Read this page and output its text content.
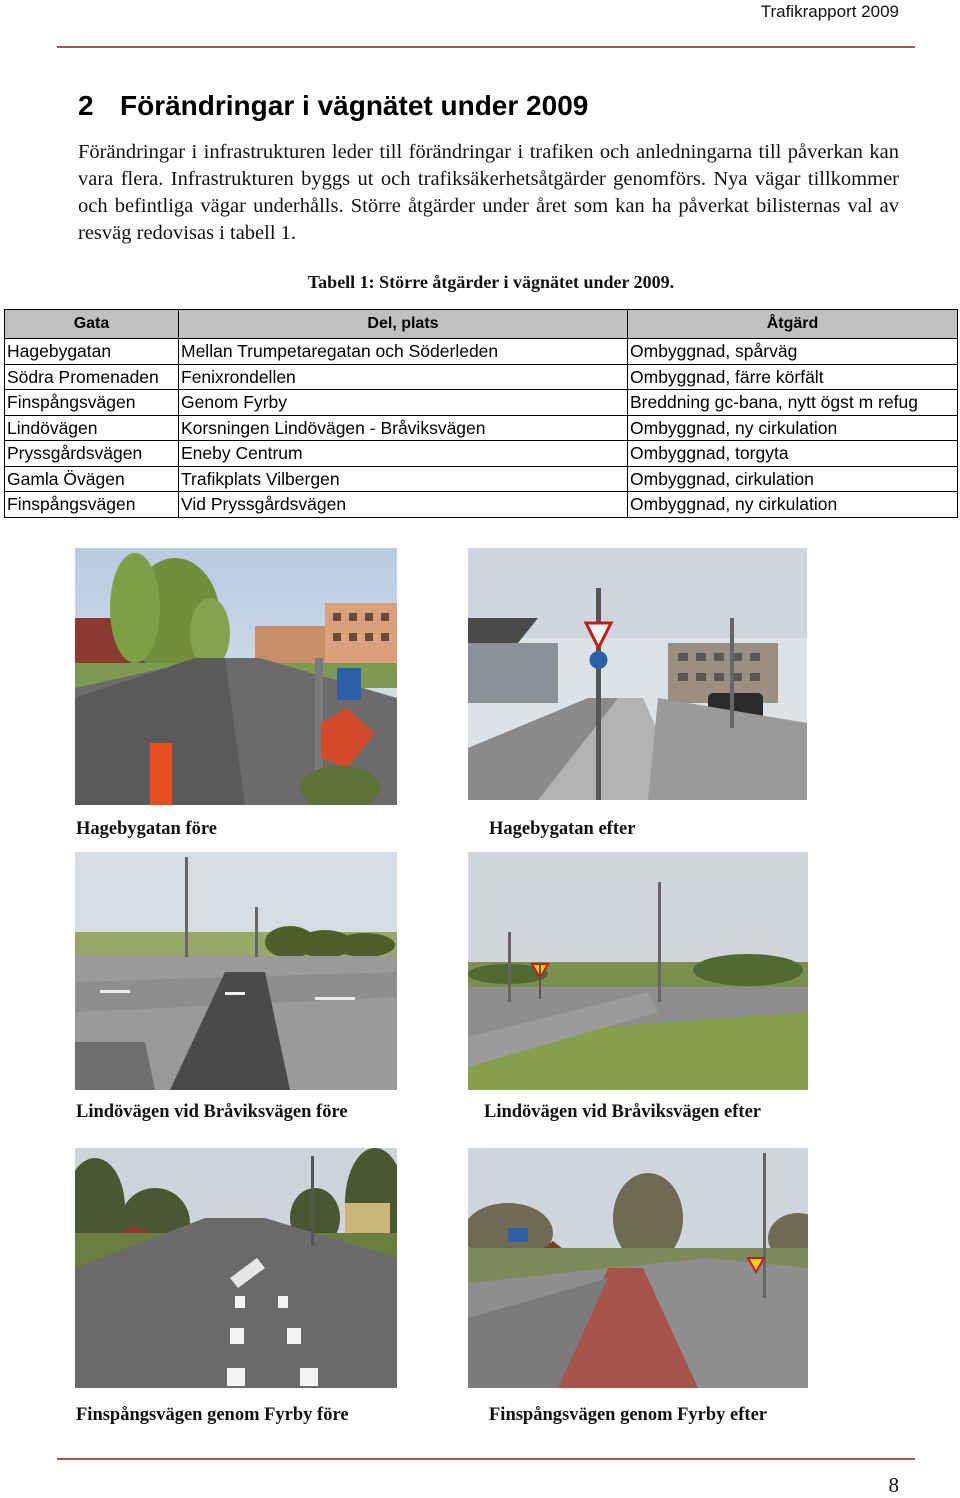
Trafikrapport 2009
2 Förändringar i vägnätet under 2009

Förändringar i infrastrukturen leder till förändringar i trafiken och anledningarna till påverkan kan vara flera. Infrastrukturen byggs ut och trafiksäkerhetsåtgärder genomförs. Nya vägar tillkommer och befintliga vägar underhålls. Större åtgärder under året som kan ha påverkat bilisternas val av resväg redovisas i tabell 1.

Tabell 1: Större åtgärder i vägnätet under 2009.
Gata	Del, plats	Åtgärd
Hagebygatan	Mellan Trumpetaregatan och Söderleden	Ombyggnad, spårväg
Södra Promenaden	Fenixrondellen	Ombyggnad, färre körfält
Finspångsvägen	Genom Fyrby	Breddning gc-bana, nytt ögst m refug
Lindövägen	Korsningen Lindövägen - Bråviksvägen	Ombyggnad, ny cirkulation
Pryssgårdsvägen	Eneby Centrum	Ombyggnad, torgyta
Gamla Övägen	Trafikplats Vilbergen	Ombyggnad, cirkulation
Finspångsvägen	Vid Pryssgårdsvägen	Ombyggnad, ny cirkulation
Hagebygatan före	Hagebygatan efter
Lindövägen vid Bråviksvägen före	Lindövägen vid Bråviksvägen efter
Finspångsvägen genom Fyrby före	Finspångsvägen genom Fyrby efter
8
